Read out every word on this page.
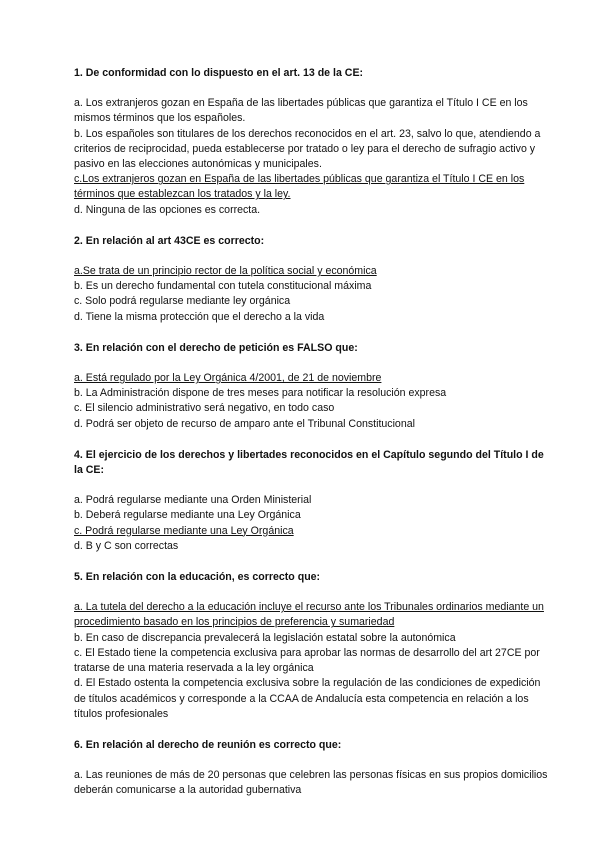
1. De conformidad con lo dispuesto en el art. 13 de la CE:

a. Los extranjeros gozan en España de las libertades públicas que garantiza el Título I CE en los mismos términos que los españoles.

b. Los españoles son titulares de los derechos reconocidos en el art. 23, salvo lo que, atendiendo a criterios de reciprocidad, pueda establecerse por tratado o ley para el derecho de sufragio activo y pasivo en las elecciones autonómicas y municipales.

c.Los extranjeros gozan en España de las libertades públicas que garantiza el Título I CE en los términos que establezcan los tratados y la ley.

d. Ninguna de las opciones es correcta.

2. En relación al art 43CE es correcto:

a.Se trata de un principio rector de la política social y económica

b. Es un derecho fundamental con tutela constitucional máxima

c. Solo podrá regularse mediante ley orgánica

d. Tiene la misma protección que el derecho a la vida

3. En relación con el derecho de petición es FALSO que:

a. Está regulado por la Ley Orgánica 4/2001, de 21 de noviembre

b. La Administración dispone de tres meses para notificar la resolución expresa

c. El silencio administrativo será negativo, en todo caso

d. Podrá ser objeto de recurso de amparo ante el Tribunal Constitucional

4. El ejercicio de los derechos y libertades reconocidos en el Capítulo segundo del Título I de la CE:

a. Podrá regularse mediante una Orden Ministerial

b. Deberá regularse mediante una Ley Orgánica

c. Podrá regularse mediante una Ley Orgánica

d. B y C son correctas

5. En relación con la educación, es correcto que:

a. La tutela del derecho a la educación incluye el recurso ante los Tribunales ordinarios mediante un procedimiento basado en los principios de preferencia y sumariedad

b. En caso de discrepancia prevalecerá la legislación estatal sobre la autonómica

c. El Estado tiene la competencia exclusiva para aprobar las normas de desarrollo del art 27CE por tratarse de una materia reservada a la ley orgánica

d. El Estado ostenta la competencia exclusiva sobre la regulación de las condiciones de expedición de títulos académicos y corresponde a la CCAA de Andalucía esta competencia en relación a los títulos profesionales

6. En relación al derecho de reunión es correcto que:

a. Las reuniones de más de 20 personas que celebren las personas físicas en sus propios domicilios deberán comunicarse a la autoridad gubernativa
